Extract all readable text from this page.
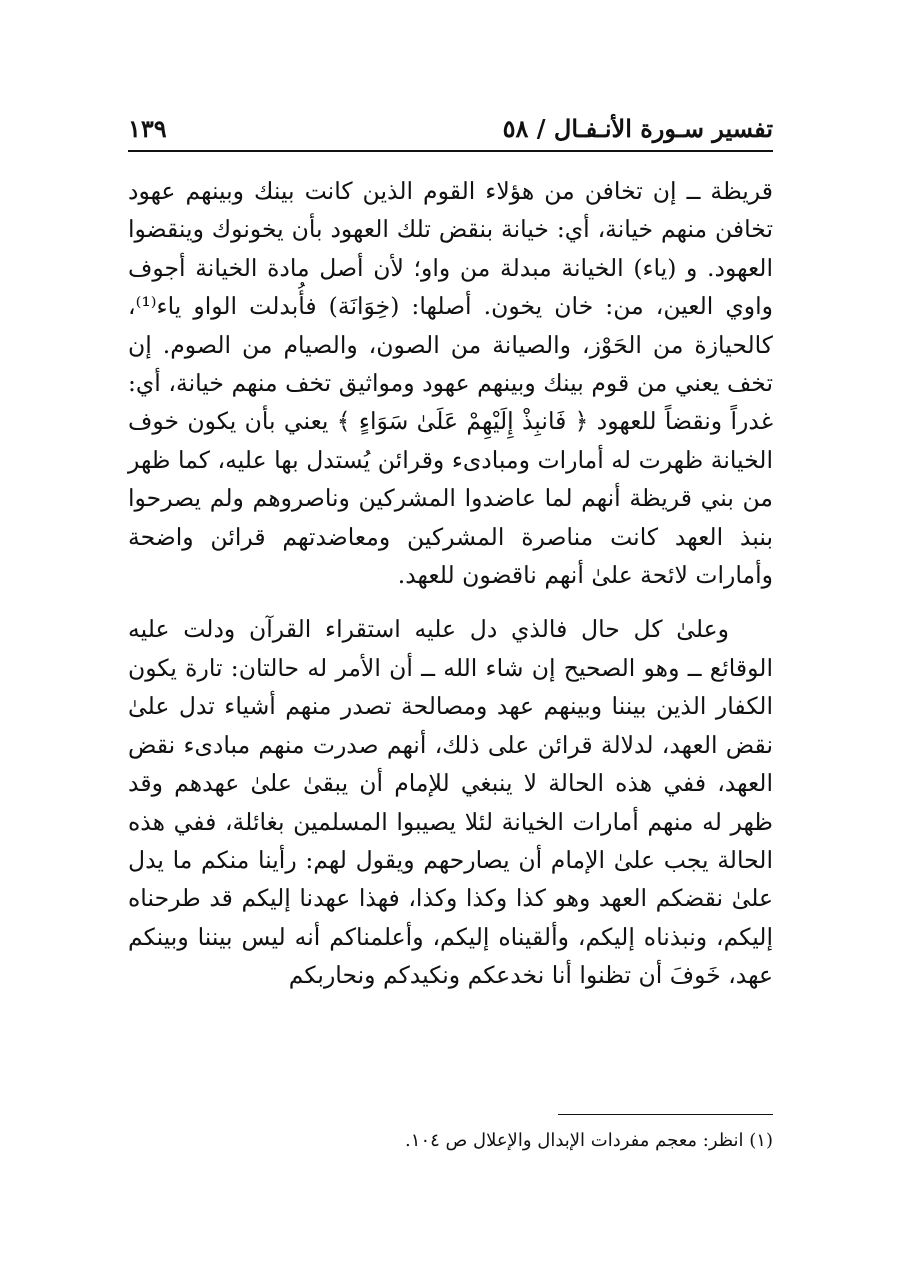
تفسير سـورة الأنـفـال / ٥٨
١٣٩

قريظة ــ إن تخافن من هؤلاء القوم الذين كانت بينك وبينهم عهود تخافن منهم خيانة، أي: خيانة بنقض تلك العهود بأن يخونوك وينقضوا العهود. و (ياء) الخيانة مبدلة من واو؛ لأن أصل مادة الخيانة أجوف واوي العين، من: خان يخون. أصلها: (خِوَانَة) فأُبدلت الواو ياء⁽¹⁾، كالحيازة من الحَوْز، والصيانة من الصون، والصيام من الصوم. إن تخف يعني من قوم بينك وبينهم عهود ومواثيق تخف منهم خيانة، أي: غدراً ونقضاً للعهود ﴿ فَانبِذْ إِلَيْهِمْ عَلَىٰ سَوَاءٍ ﴾ يعني بأن يكون خوف الخيانة ظهرت له أمارات ومبادىء وقرائن يُستدل بها عليه، كما ظهر من بني قريظة أنهم لما عاضدوا المشركين وناصروهم ولم يصرحوا بنبذ العهد كانت مناصرة المشركين ومعاضدتهم قرائن واضحة وأمارات لائحة علىٰ أنهم ناقضون للعهد.

وعلىٰ كل حال فالذي دل عليه استقراء القرآن ودلت عليه الوقائع ــ وهو الصحيح إن شاء الله ــ أن الأمر له حالتان: تارة يكون الكفار الذين بيننا وبينهم عهد ومصالحة تصدر منهم أشياء تدل علىٰ نقض العهد، لدلالة قرائن على ذلك، أنهم صدرت منهم مبادىء نقض العهد، ففي هذه الحالة لا ينبغي للإمام أن يبقىٰ علىٰ عهدهم وقد ظهر له منهم أمارات الخيانة لئلا يصيبوا المسلمين بغائلة، ففي هذه الحالة يجب علىٰ الإمام أن يصارحهم ويقول لهم: رأينا منكم ما يدل علىٰ نقضكم العهد وهو كذا وكذا وكذا، فهذا عهدنا إليكم قد طرحناه إليكم، ونبذناه إليكم، وألقيناه إليكم، وأعلمناكم أنه ليس بيننا وبينكم عهد، خَوفَ أن تظنوا أنا نخدعكم ونكيدكم ونحاربكم

(١) انظر: معجم مفردات الإبدال والإعلال ص ١٠٤.
